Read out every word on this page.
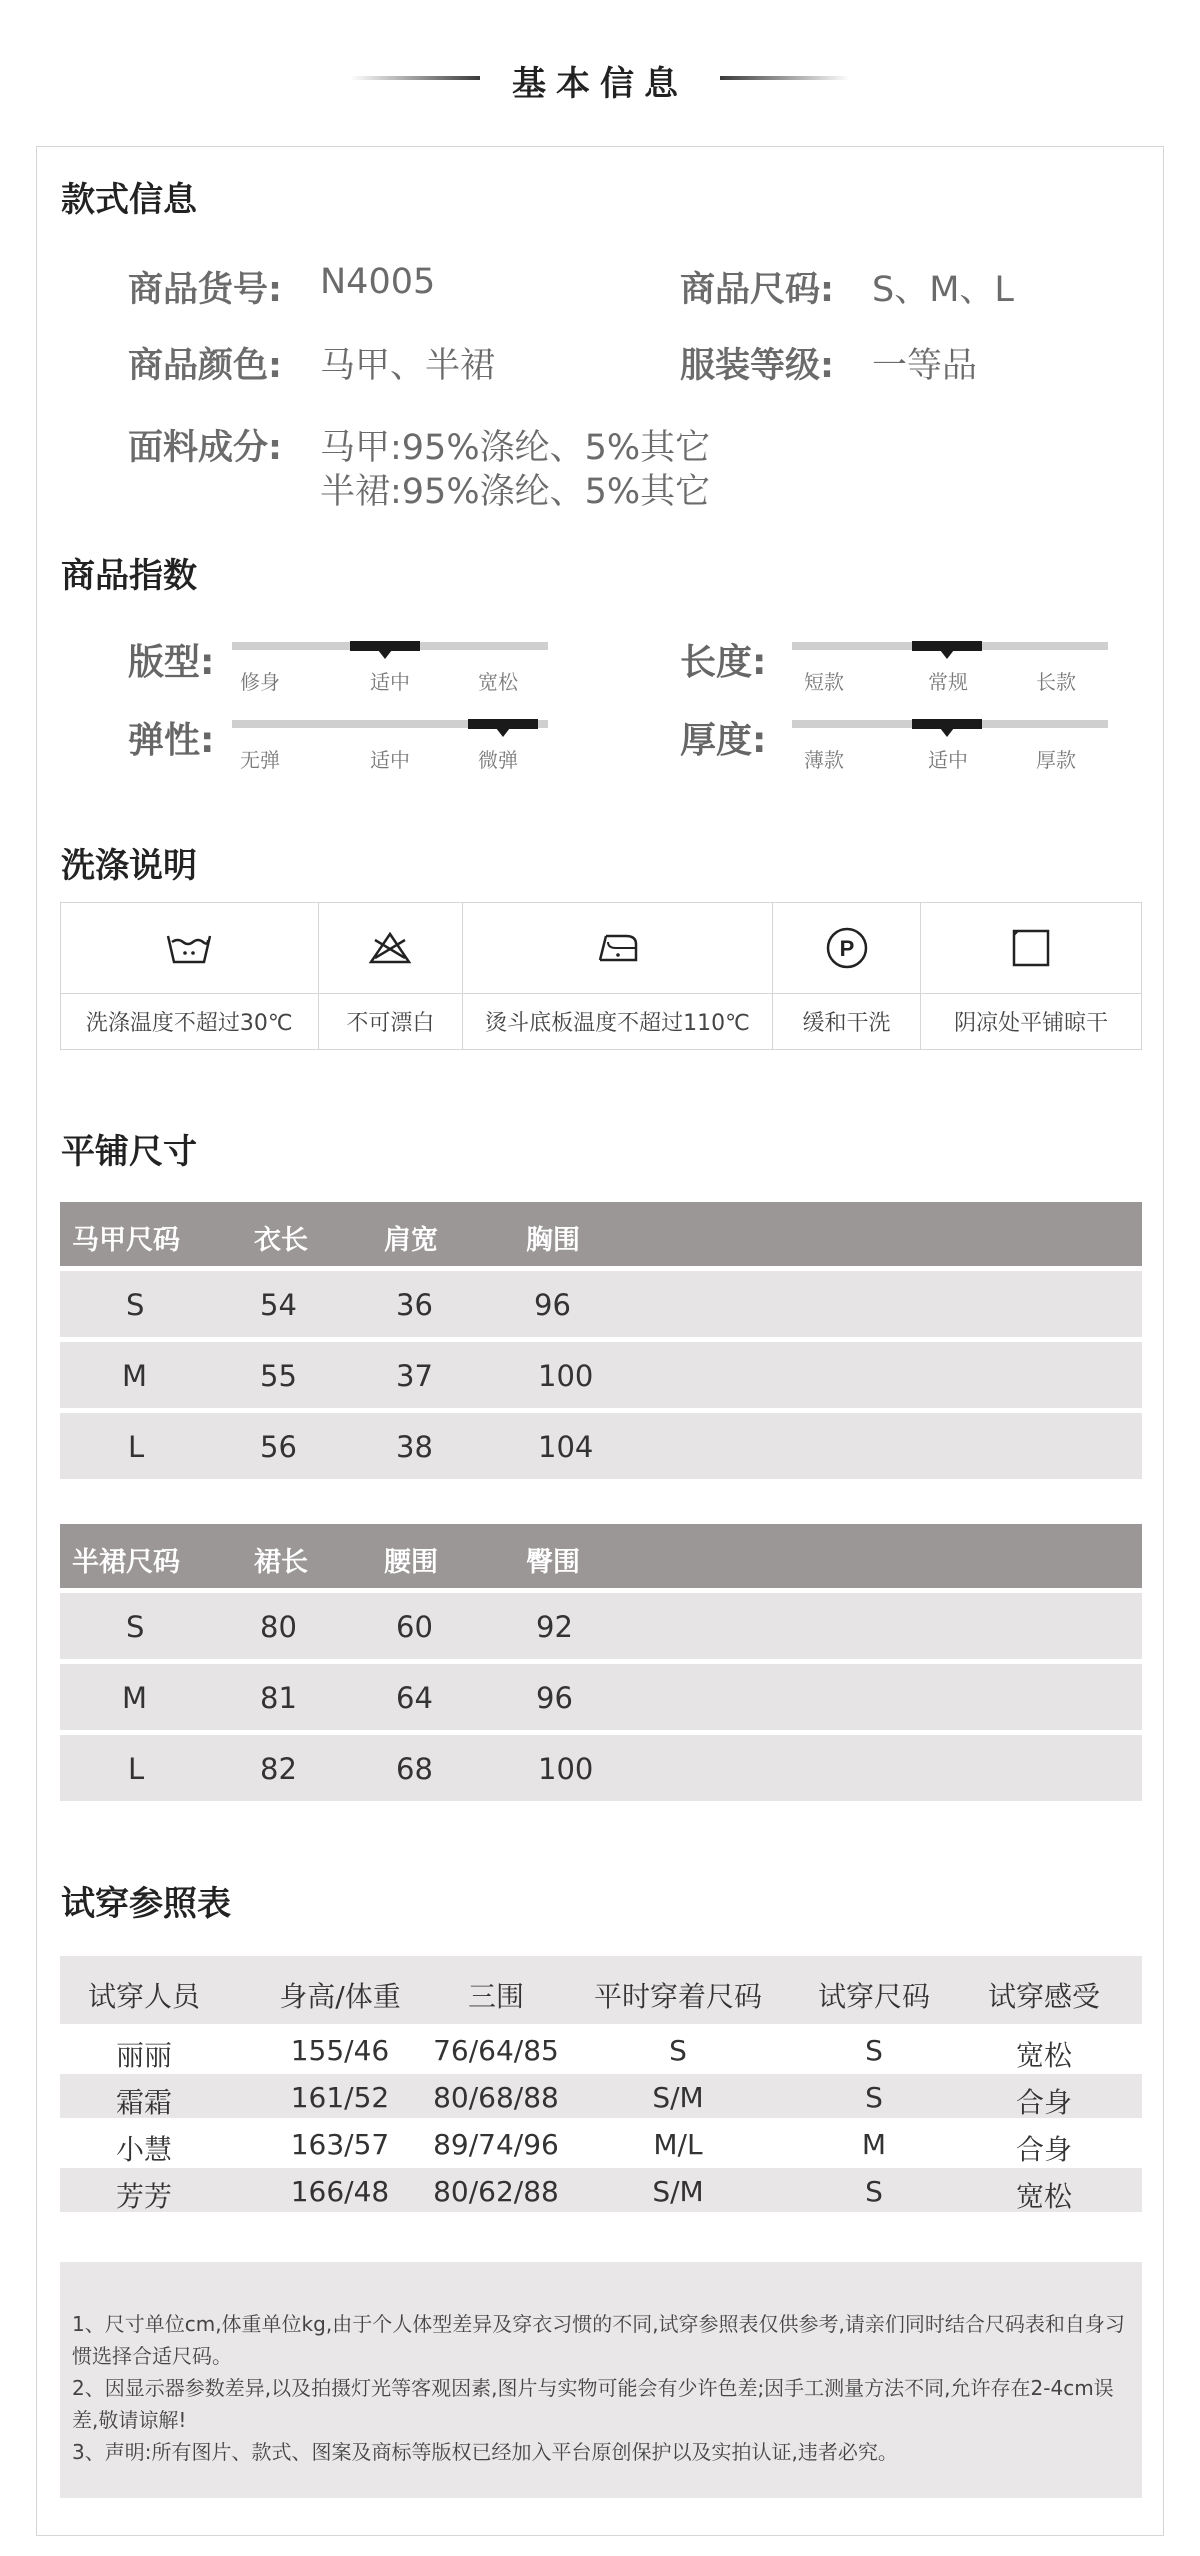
基本信息
款式信息
商品货号: N4005	商品尺码: S、M、L
商品颜色: 马甲、半裙	服装等级: 一等品
面料成分: 马甲:95%涤纶、5%其它
半裙:95%涤纶、5%其它
商品指数
版型:	修身	适中	宽松	长度:	短款	常规	长款
弹性:	无弹	适中	微弹	厚度:	薄款	适中	厚款
洗涤说明
洗涤温度不超过30℃	不可漂白	烫斗底板温度不超过110℃
P
缓和干洗	阴凉处平铺晾干
平铺尺寸
马甲尺码	衣长	肩宽	胸围
S	54	36	96
M	55	37	100
L	56	38	104
半裙尺码	裙长	腰围	臀围
S	80	60	92
M	81	64	96
L	82	68	100
试穿参照表
试穿人员	身高/体重	三围	平时穿着尺码	试穿尺码	试穿感受
丽丽	155/46	76/64/85	S	S	宽松
霜霜	161/52	80/68/88	S/M	S	合身
小慧	163/57	89/74/96	M/L	M	合身
芳芳	166/48	80/62/88	S/M	S	宽松

1、尺寸单位cm,体重单位kg,由于个人体型差异及穿衣习惯的不同,试穿参照表仅供参考,请亲们同时结合尺码表和自身习惯选择合适尺码。

2、因显示器参数差异,以及拍摄灯光等客观因素,图片与实物可能会有少许色差;因手工测量方法不同,允许存在2-4cm误差,敬请谅解!

3、声明:所有图片、款式、图案及商标等版权已经加入平台原创保护以及实拍认证,违者必究。
